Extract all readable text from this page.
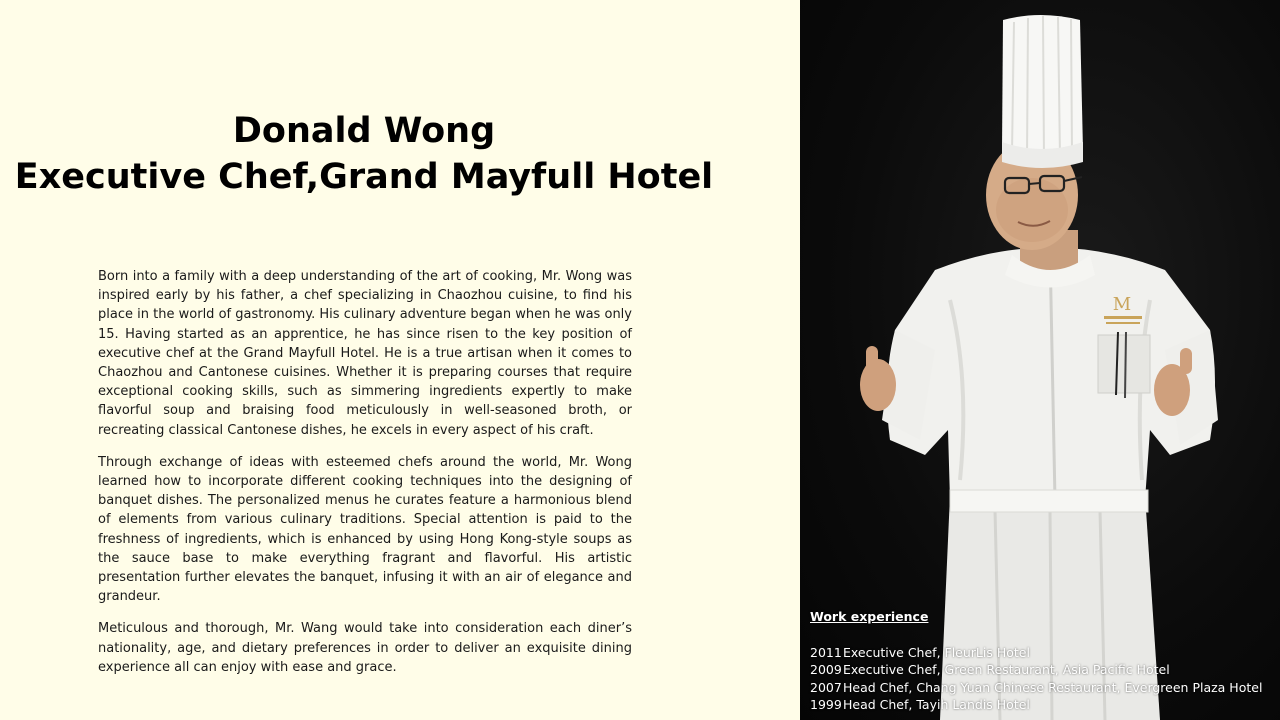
Donald Wong
Executive Chef,Grand Mayfull Hotel

Born into a family with a deep understanding of the art of cooking, Mr. Wong was inspired early by his father, a chef specializing in Chaozhou cuisine, to find his place in the world of gastronomy. His culinary adventure began when he was only 15. Having started as an apprentice, he has since risen to the key position of executive chef at the Grand Mayfull Hotel. He is a true artisan when it comes to Chaozhou and Cantonese cuisines. Whether it is preparing courses that require exceptional cooking skills, such as simmering ingredients expertly to make flavorful soup and braising food meticulously in well-seasoned broth, or recreating classical Cantonese dishes, he excels in every aspect of his craft.

Through exchange of ideas with esteemed chefs around the world, Mr. Wong learned how to incorporate different cooking techniques into the designing of banquet dishes. The personalized menus he curates feature a harmonious blend of elements from various culinary traditions. Special attention is paid to the freshness of ingredients, which is enhanced by using Hong Kong-style soups as the sauce base to make everything fragrant and flavorful. His artistic presentation further elevates the banquet, infusing it with an air of elegance and grandeur.

Meticulous and thorough, Mr. Wang would take into consideration each diner’s nationality, age, and dietary preferences in order to deliver an exquisite dining experience all can enjoy with ease and grace.

M
Work experience
2011Executive Chef, FleurLis Hotel
2009Executive Chef, Green Restaurant, Asia Pacific Hotel
2007Head Chef, Chang Yuan Chinese Restaurant, Evergreen Plaza Hotel
1999Head Chef, Tayih Landis Hotel
